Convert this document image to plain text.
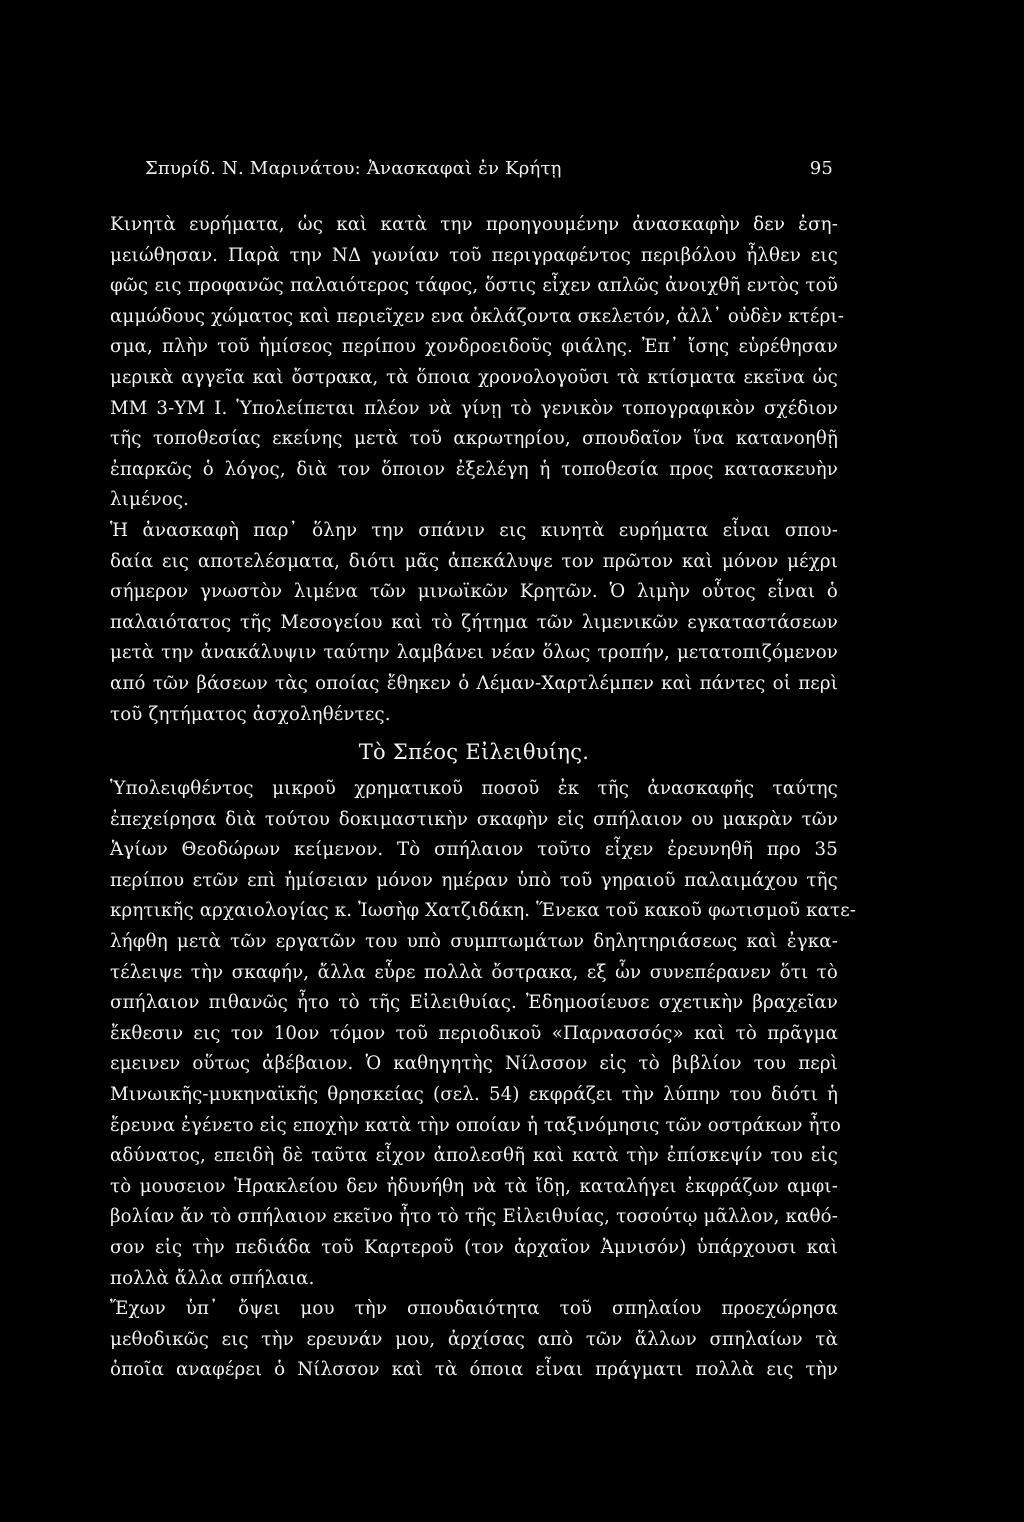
Σπυρίδ. Ν. Μαρινάτου: Ἀνασκαφαὶ ἐν Κρήτῃ	95
Κινητὰ ευρήματα, ὡς καὶ κατὰ την προηγουμένην ἀνασκαφὴν δεν ἐση-
μειώθησαν. Παρὰ την ΝΔ γωνίαν τοῦ περιγραφέντος περιβόλου ἦλθεν εις
φῶς εις προφανῶς παλαιότερος τάφος, ὅστις εἶχεν απλῶς ἀνοιχθῆ εντὸς τοῦ
αμμώδους χώματος καὶ περιεῖχεν ενα ὀκλάζοντα σκελετόν, ἀλλ᾽ οὐδὲν κτέρι-
σμα, πλὴν τοῦ ἡμίσεος περίπου χονδροειδοῦς φιάλης. Ἐπ᾽ ἴσης εὑρέθησαν
μερικὰ αγγεῖα καὶ ὄστρακα, τὰ ὅποια χρονολογοῦσι τὰ κτίσματα εκεῖνα ὡς
ΜΜ 3-ΥΜ Ι. Ὑπολείπεται πλέον νὰ γίνῃ τὸ γενικὸν τοπογραφικὸν σχέδιον
τῆς τοποθεσίας εκείνης μετὰ τοῦ ακρωτηρίου, σπουδαῖον ἵνα κατανοηθῇ
ἐπαρκῶς ὁ λόγος, διὰ τον ὅποιον ἐξελέγη ἡ τοποθεσία προς κατασκευὴν
λιμένος.
Ἡ ἀνασκαφὴ παρ᾽ ὅλην την σπάνιν εις κινητὰ ευρήματα εἶναι σπου-
δαία εις αποτελέσματα, διότι μᾶς ἀπεκάλυψε τον πρῶτον καὶ μόνον μέχρι
σήμερον γνωστὸν λιμένα τῶν μινωϊκῶν Κρητῶν. Ὁ λιμὴν οὗτος εἶναι ὁ
παλαιότατος τῆς Μεσογείου καὶ τὸ ζήτημα τῶν λιμενικῶν εγκαταστάσεων
μετὰ την ἀνακάλυψιν ταύτην λαμβάνει νέαν ὅλως τροπήν, μετατοπιζόμενον
από τῶν βάσεων τὰς οποίας ἔθηκεν ὁ Λέμαν-Χαρτλέμπεν καὶ πάντες οἱ περὶ
τοῦ ζητήματος ἀσχοληθέντες.
Τὸ Σπέος Εἰλειθυίης.
Ὑπολειφθέντος μικροῦ χρηματικοῦ ποσοῦ ἐκ τῆς ἀνασκαφῆς ταύτης
ἐπεχείρησα διὰ τούτου δοκιμαστικὴν σκαφὴν εἰς σπήλαιον ου μακρὰν τῶν
Ἁγίων Θεοδώρων κείμενον. Τὸ σπήλαιον τοῦτο εἶχεν ἐρευνηθῆ προ 35
περίπου ετῶν επὶ ἡμίσειαν μόνον ημέραν ὑπὸ τοῦ γηραιοῦ παλαιμάχου τῆς
κρητικῆς αρχαιολογίας κ. Ἰωσὴφ Χατζιδάκη. Ἕνεκα τοῦ κακοῦ φωτισμοῦ κατε-
λήφθη μετὰ τῶν εργατῶν του υπὸ συμπτωμάτων δηλητηριάσεως καὶ ἐγκα-
τέλειψε τὴν σκαφήν, ἄλλα εὗρε πολλὰ ὄστρακα, εξ ὧν συνεπέρανεν ὅτι τὸ
σπήλαιον πιθανῶς ἦτο τὸ τῆς Εἰλειθυίας. Ἐδημοσίευσε σχετικὴν βραχεῖαν
ἔκθεσιν εις τον 10ον τόμον τοῦ περιοδικοῦ «Παρνασσός» καὶ τὸ πρᾶγμα
εμεινεν οὕτως ἀβέβαιον. Ὁ καθηγητὴς Νίλσσον εἰς τὸ βιβλίον του περὶ
Μινωικῆς-μυκηναϊκῆς θρησκείας (σελ. 54) εκφράζει τὴν λύπην του διότι ἡ
ἔρευνα ἐγένετο εἰς εποχὴν κατὰ τὴν οποίαν ἡ ταξινόμησις τῶν οστράκων ἦτο
αδύνατος, επειδὴ δὲ ταῦτα εἶχον ἀπολεσθῆ καὶ κατὰ τὴν ἐπίσκεψίν του εἰς
τὸ μουσειον Ἡρακλείου δεν ἠδυνήθη νὰ τὰ ἴδῃ, καταλήγει ἐκφράζων αμφι-
βολίαν ἄν τὸ σπήλαιον εκεῖνο ἦτο τὸ τῆς Εἰλειθυίας, τοσούτῳ μᾶλλον, καθό-
σον εἰς τὴν πεδιάδα τοῦ Καρτεροῦ (τον ἀρχαῖον Ἀμνισόν) ὑπάρχουσι καὶ
πολλὰ ἄλλα σπήλαια.
Ἔχων ὑπ᾽ ὄψει μου τὴν σπουδαιότητα τοῦ σπηλαίου προεχώρησα
μεθοδικῶς εις τὴν ερευνάν μου, ἀρχίσας απὸ τῶν ἄλλων σπηλαίων τὰ
ὁποῖα αναφέρει ὁ Νίλσσον καὶ τὰ όποια εἶναι πράγματι πολλὰ εις τὴν
